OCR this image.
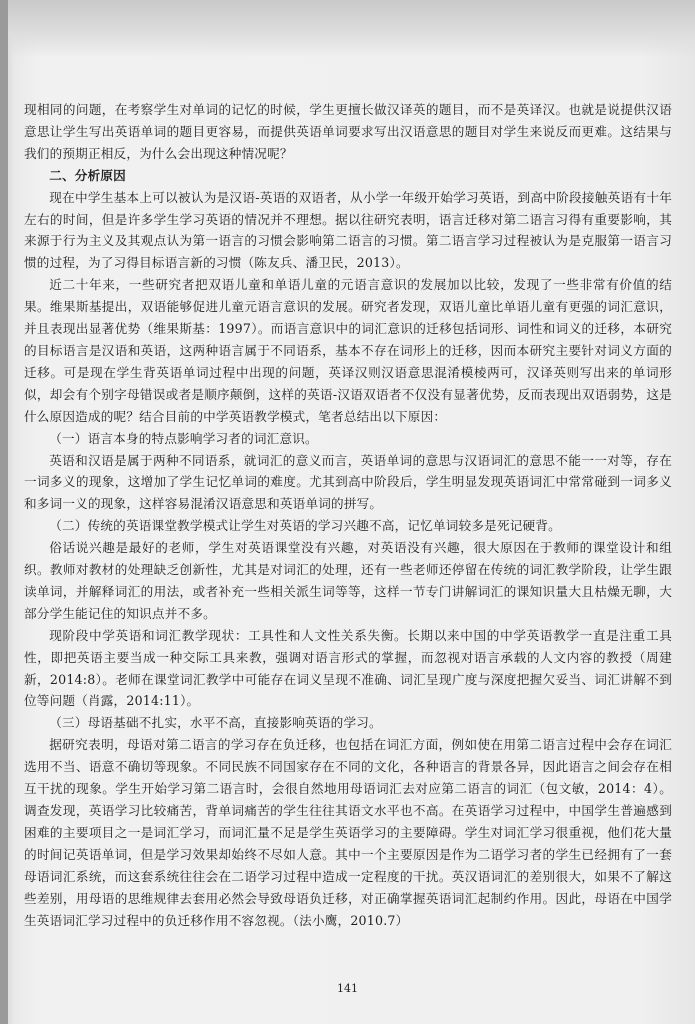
现相同的问题，在考察学生对单词的记忆的时候，学生更擅长做汉译英的题目，而不是英译汉。也就是说提供汉语意思让学生写出英语单词的题目更容易，而提供英语单词要求写出汉语意思的题目对学生来说反而更难。这结果与我们的预期正相反，为什么会出现这种情况呢？

二、分析原因

现在中学生基本上可以被认为是汉语-英语的双语者，从小学一年级开始学习英语，到高中阶段接触英语有十年左右的时间，但是许多学生学习英语的情况并不理想。据以往研究表明，语言迁移对第二语言习得有重要影响，其来源于行为主义及其观点认为第一语言的习惯会影响第二语言的习惯。第二语言学习过程被认为是克服第一语言习惯的过程，为了习得目标语言新的习惯（陈友兵、潘卫民，2013）。

近二十年来，一些研究者把双语儿童和单语儿童的元语言意识的发展加以比较，发现了一些非常有价值的结果。维果斯基提出，双语能够促进儿童元语言意识的发展。研究者发现，双语儿童比单语儿童有更强的词汇意识，并且表现出显著优势（维果斯基：1997）。而语言意识中的词汇意识的迁移包括词形、词性和词义的迁移，本研究的目标语言是汉语和英语，这两种语言属于不同语系，基本不存在词形上的迁移，因而本研究主要针对词义方面的迁移。可是现在学生背英语单词过程中出现的问题，英译汉则汉语意思混淆模棱两可，汉译英则写出来的单词形似，却会有个别字母错误或者是顺序颠倒，这样的英语-汉语双语者不仅没有显著优势，反而表现出双语弱势，这是什么原因造成的呢？结合目前的中学英语教学模式，笔者总结出以下原因：

（一）语言本身的特点影响学习者的词汇意识。

英语和汉语是属于两种不同语系，就词汇的意义而言，英语单词的意思与汉语词汇的意思不能一一对等，存在一词多义的现象，这增加了学生记忆单词的难度。尤其到高中阶段后，学生明显发现英语词汇中常常碰到一词多义和多词一义的现象，这样容易混淆汉语意思和英语单词的拼写。

（二）传统的英语课堂教学模式让学生对英语的学习兴趣不高，记忆单词较多是死记硬背。

俗话说兴趣是最好的老师，学生对英语课堂没有兴趣，对英语没有兴趣，很大原因在于教师的课堂设计和组织。教师对教材的处理缺乏创新性，尤其是对词汇的处理，还有一些老师还停留在传统的词汇教学阶段，让学生跟读单词，并解释词汇的用法，或者补充一些相关派生词等等，这样一节专门讲解词汇的课知识量大且枯燥无聊，大部分学生能记住的知识点并不多。

现阶段中学英语和词汇教学现状：工具性和人文性关系失衡。长期以来中国的中学英语教学一直是注重工具性，即把英语主要当成一种交际工具来教，强调对语言形式的掌握，而忽视对语言承载的人文内容的教授（周建新，2014:8）。老师在课堂词汇教学中可能存在词义呈现不准确、词汇呈现广度与深度把握欠妥当、词汇讲解不到位等问题（肖露，2014:11）。

（三）母语基础不扎实，水平不高，直接影响英语的学习。

据研究表明，母语对第二语言的学习存在负迁移，也包括在词汇方面，例如使在用第二语言过程中会存在词汇选用不当、语意不确切等现象。不同民族不同国家存在不同的文化，各种语言的背景各异，因此语言之间会存在相互干扰的现象。学生开始学习第二语言时，会很自然地用母语词汇去对应第二语言的词汇（包文敏，2014：4）。调查发现，英语学习比较痛苦，背单词痛苦的学生往往其语文水平也不高。在英语学习过程中，中国学生普遍感到困难的主要项目之一是词汇学习，而词汇量不足是学生英语学习的主要障碍。学生对词汇学习很重视，他们花大量的时间记英语单词，但是学习效果却始终不尽如人意。其中一个主要原因是作为二语学习者的学生已经拥有了一套母语词汇系统，而这套系统往往会在二语学习过程中造成一定程度的干扰。英汉语词汇的差别很大，如果不了解这些差别，用母语的思维规律去套用必然会导致母语负迁移，对正确掌握英语词汇起制约作用。因此，母语在中国学生英语词汇学习过程中的负迁移作用不容忽视。（法小鹰，2010.7）

141
